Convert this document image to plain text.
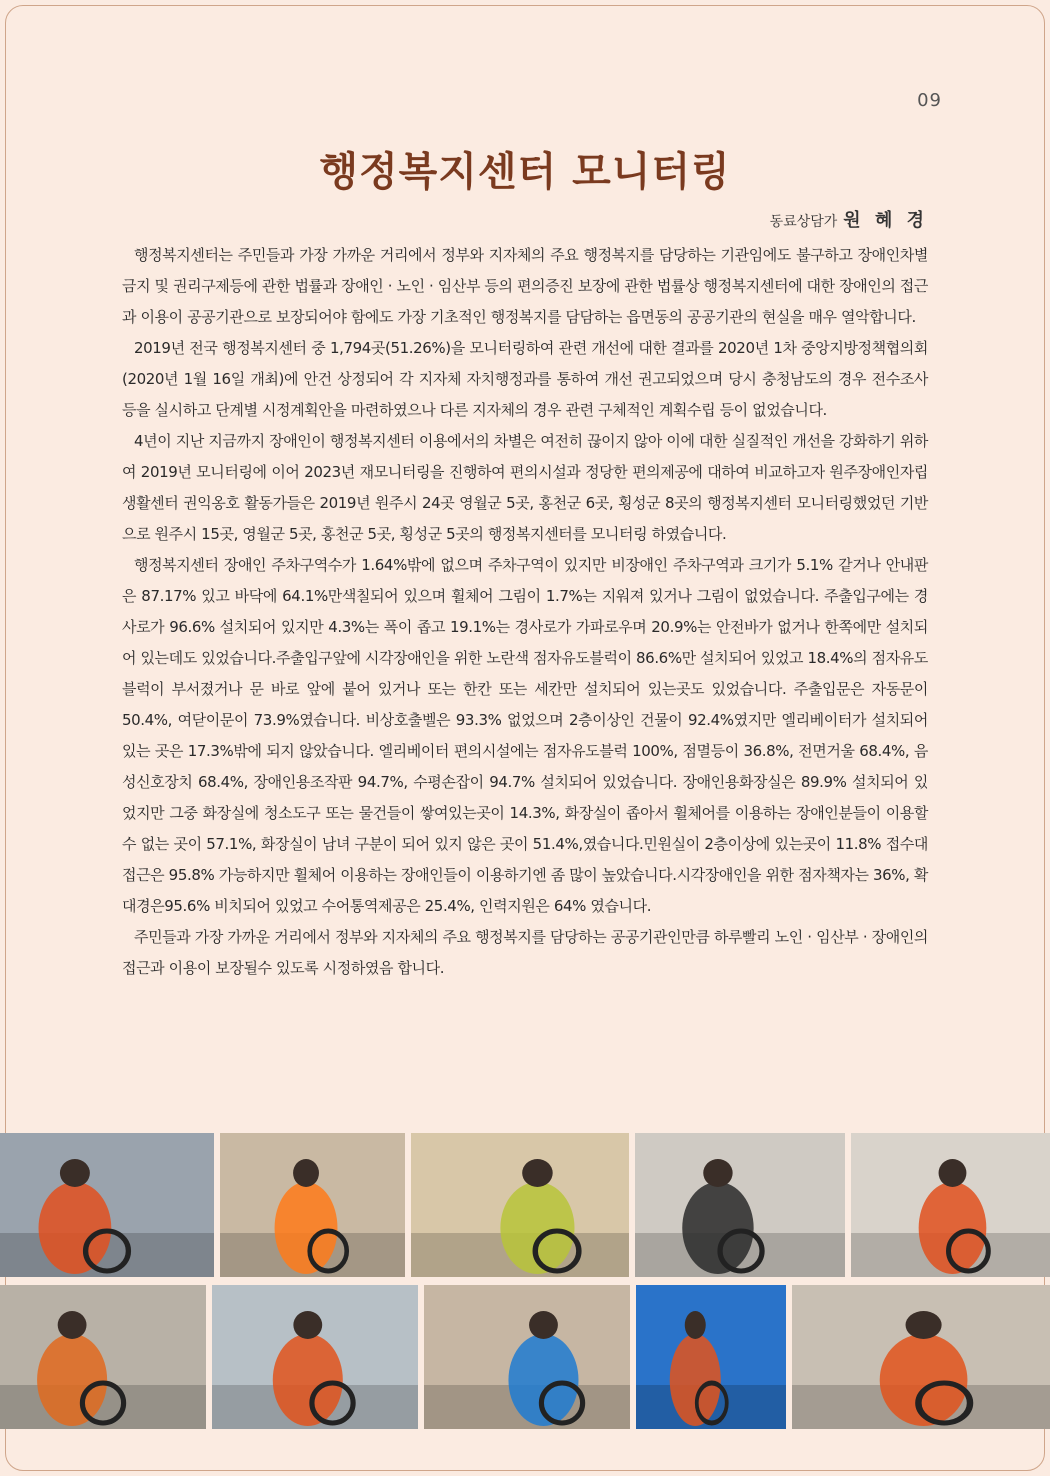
09
행정복지센터 모니터링
동료상담가 원 혜 경

행정복지센터는 주민들과 가장 가까운 거리에서 정부와 지자체의 주요 행정복지를 담당하는 기관임에도 불구하고 장애인차별금지 및 권리구제등에 관한 법률과 장애인 · 노인 · 임산부 등의 편의증진 보장에 관한 법률상 행정복지센터에 대한 장애인의 접근과 이용이 공공기관으로 보장되어야 함에도 가장 기초적인 행정복지를 담담하는 읍면동의 공공기관의 현실을 매우 열악합니다.

2019년 전국 행정복지센터 중 1,794곳(51.26%)을 모니터링하여 관련 개선에 대한 결과를 2020년 1차 중앙지방정책협의회(2020년 1월 16일 개최)에 안건 상정되어 각 지자체 자치행정과를 통하여 개선 권고되었으며 당시 충청남도의 경우 전수조사 등을 실시하고 단계별 시정계획안을 마련하였으나 다른 지자체의 경우 관련 구체적인 계획수립 등이 없었습니다.

4년이 지난 지금까지 장애인이 행정복지센터 이용에서의 차별은 여전히 끊이지 않아 이에 대한 실질적인 개선을 강화하기 위하여 2019년 모니터링에 이어 2023년 재모니터링을 진행하여 편의시설과 정당한 편의제공에 대하여 비교하고자 원주장애인자립생활센터 권익옹호 활동가들은 2019년 원주시 24곳 영월군 5곳, 홍천군 6곳, 횡성군 8곳의 행정복지센터 모니터링했었던 기반으로 원주시 15곳, 영월군 5곳, 홍천군 5곳, 횡성군 5곳의 행정복지센터를 모니터링 하였습니다.

행정복지센터 장애인 주차구역수가 1.64%밖에 없으며 주차구역이 있지만 비장애인 주차구역과 크기가 5.1% 같거나 안내판은 87.17% 있고 바닥에 64.1%만색칠되어 있으며 휠체어 그림이 1.7%는 지워져 있거나 그림이 없었습니다. 주출입구에는 경사로가 96.6% 설치되어 있지만 4.3%는 폭이 좁고 19.1%는 경사로가 가파로우며 20.9%는 안전바가 없거나 한쪽에만 설치되어 있는데도 있었습니다.주출입구앞에 시각장애인을 위한 노란색 점자유도블럭이 86.6%만 설치되어 있었고 18.4%의 점자유도블럭이 부서졌거나 문 바로 앞에 붙어 있거나 또는 한칸 또는 세칸만 설치되어 있는곳도 있었습니다. 주출입문은 자동문이 50.4%, 여닫이문이 73.9%였습니다. 비상호출벨은 93.3% 없었으며 2층이상인 건물이 92.4%였지만 엘리베이터가 설치되어 있는 곳은 17.3%밖에 되지 않았습니다. 엘리베이터 편의시설에는 점자유도블럭 100%, 점멸등이 36.8%, 전면거울 68.4%, 음성신호장치 68.4%, 장애인용조작판 94.7%, 수평손잡이 94.7% 설치되어 있었습니다. 장애인용화장실은 89.9% 설치되어 있었지만 그중 화장실에 청소도구 또는 물건들이 쌓여있는곳이 14.3%, 화장실이 좁아서 휠체어를 이용하는 장애인분들이 이용할수 없는 곳이 57.1%, 화장실이 남녀 구분이 되어 있지 않은 곳이 51.4%,였습니다.민원실이 2층이상에 있는곳이 11.8% 접수대 접근은 95.8% 가능하지만 휠체어 이용하는 장애인들이 이용하기엔 좀 많이 높았습니다.시각장애인을 위한 점자책자는 36%, 확대경은95.6% 비치되어 있었고 수어통역제공은 25.4%, 인력지원은 64% 였습니다.

주민들과 가장 가까운 거리에서 정부와 지자체의 주요 행정복지를 담당하는 공공기관인만큼 하루빨리 노인 · 임산부 · 장애인의 접근과 이용이 보장될수 있도록 시정하였음 합니다.
